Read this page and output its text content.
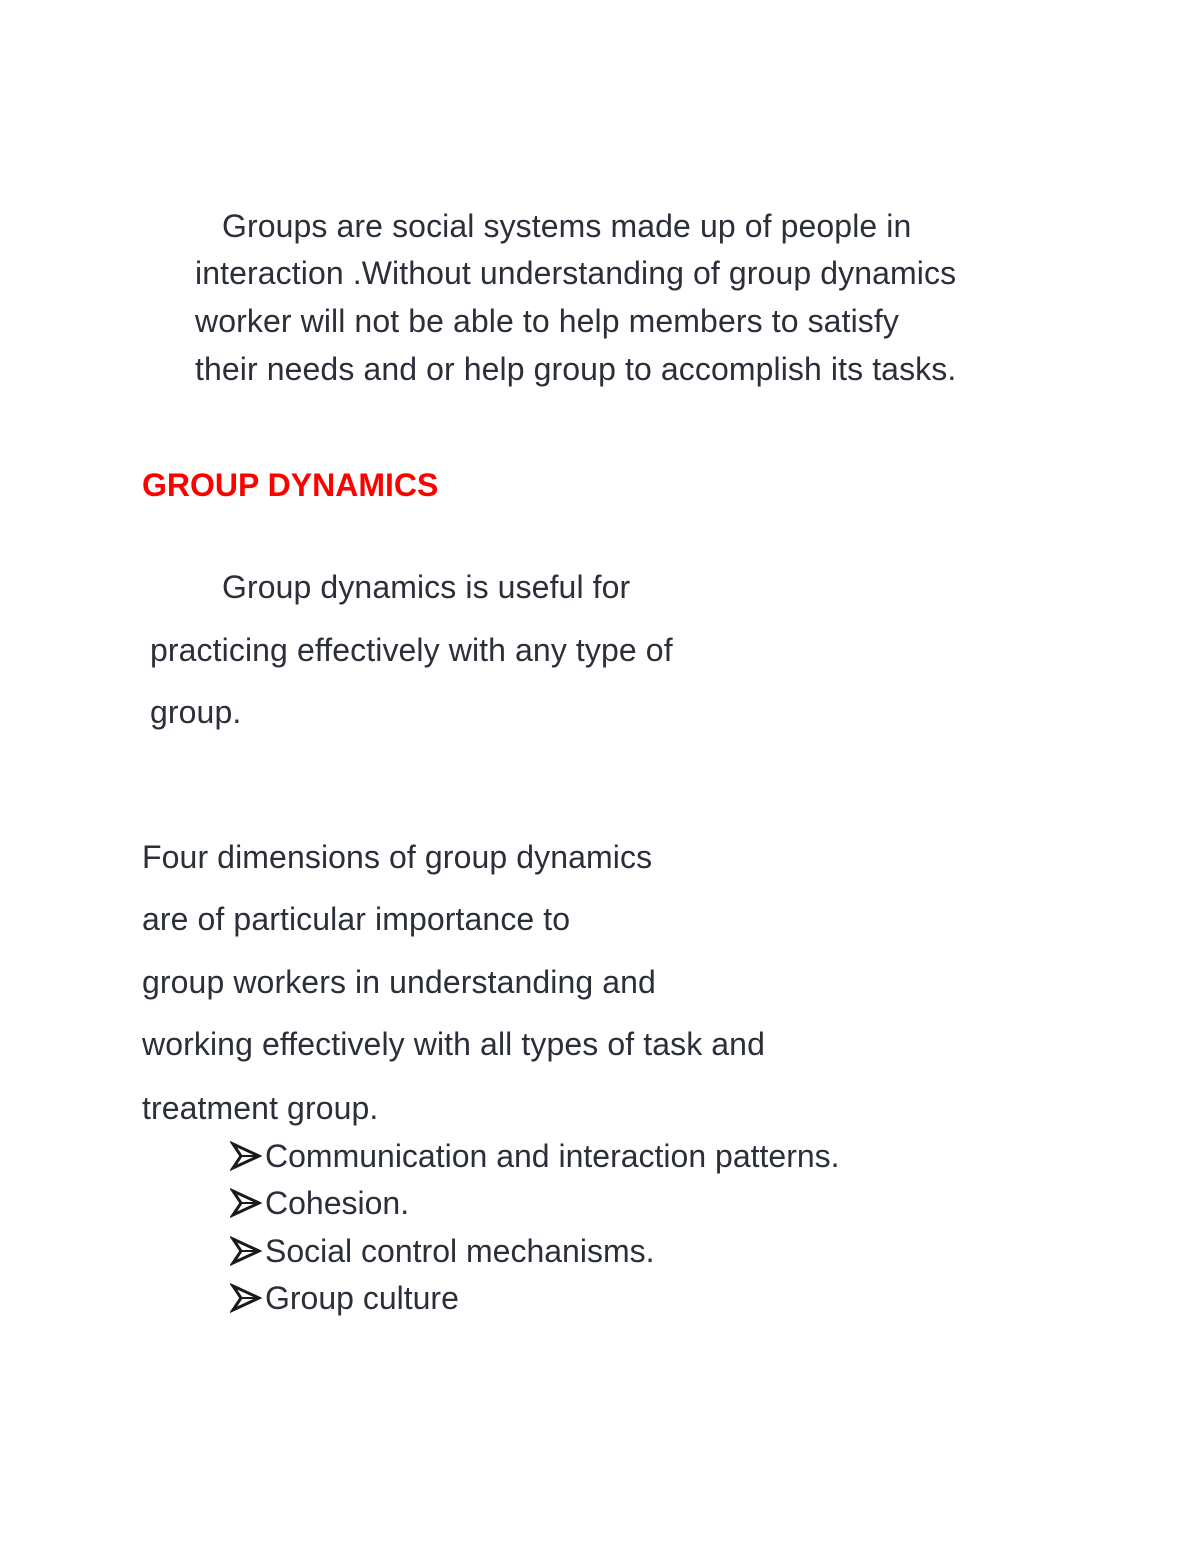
Groups are social systems made up of people in
interaction .Without understanding of group dynamics
worker will not be able to help members to satisfy
their needs and or help group to accomplish its tasks.
GROUP DYNAMICS
Group dynamics is useful for
practicing effectively with any type of
group.
Four dimensions of group dynamics
are of particular importance to
group workers in understanding and
working effectively with all types of task and
treatment group.
Communication and interaction patterns.
Cohesion.
Social control mechanisms.
Group culture
